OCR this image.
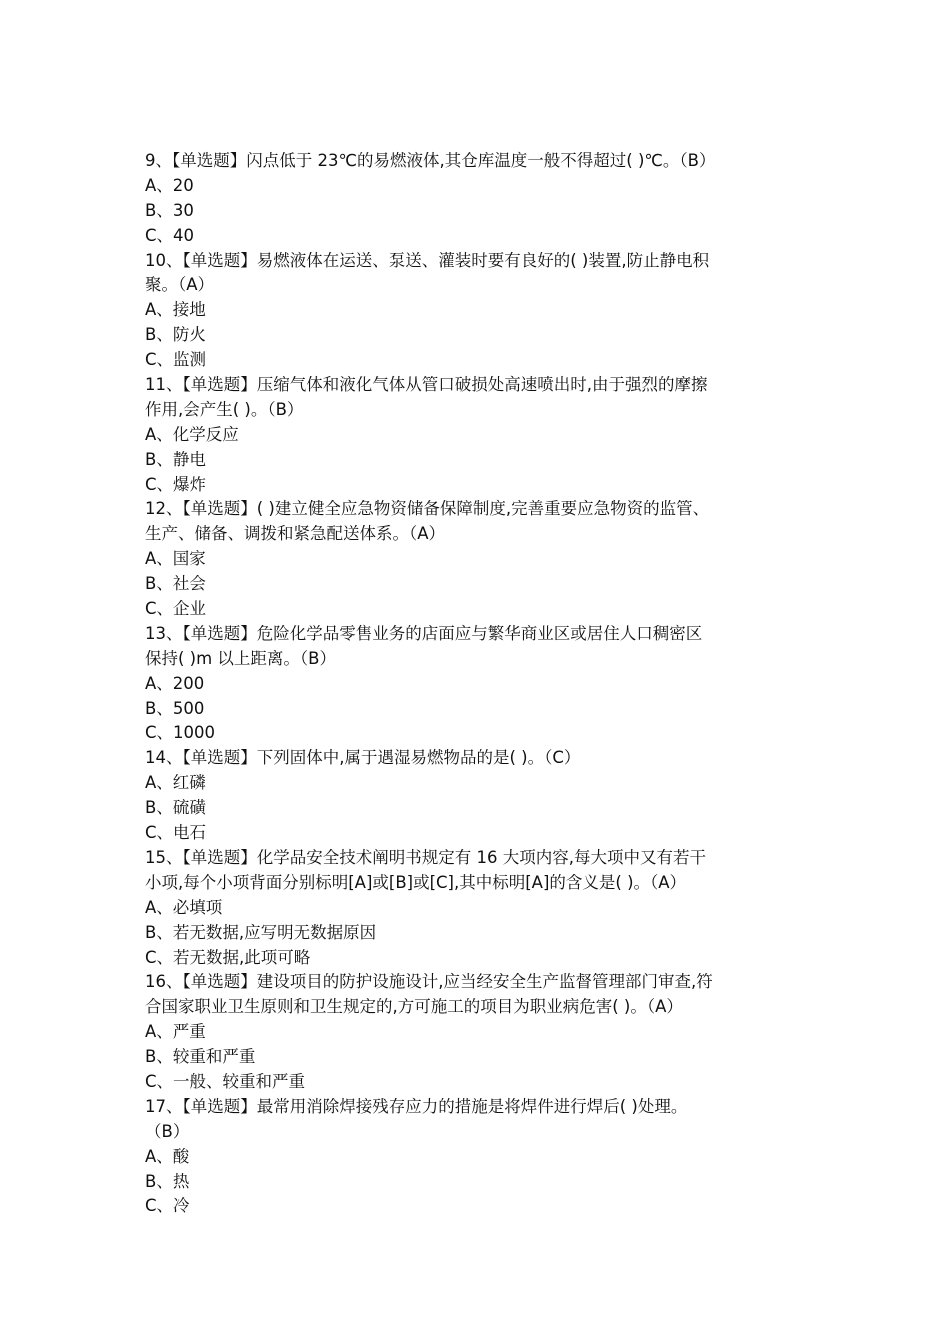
9、【单选题】闪点低于 23℃的易燃液体,其仓库温度一般不得超过( )℃。（B）
A、20
B、30
C、40
10、【单选题】易燃液体在运送、泵送、灌装时要有良好的( )装置,防止静电积
聚。（A）
A、接地
B、防火
C、监测
11、【单选题】压缩气体和液化气体从管口破损处高速喷出时,由于强烈的摩擦
作用,会产生( )。（B）
A、化学反应
B、静电
C、爆炸
12、【单选题】( )建立健全应急物资储备保障制度,完善重要应急物资的监管、
生产、储备、调拨和紧急配送体系。（A）
A、国家
B、社会
C、企业
13、【单选题】危险化学品零售业务的店面应与繁华商业区或居住人口稠密区
保持( )m 以上距离。（B）
A、200
B、500
C、1000
14、【单选题】下列固体中,属于遇湿易燃物品的是( )。（C）
A、红磷
B、硫磺
C、电石
15、【单选题】化学品安全技术阐明书规定有 16 大项内容,每大项中又有若干
小项,每个小项背面分别标明[A]或[B]或[C],其中标明[A]的含义是( )。（A）
A、必填项
B、若无数据,应写明无数据原因
C、若无数据,此项可略
16、【单选题】建设项目的防护设施设计,应当经安全生产监督管理部门审查,符
合国家职业卫生原则和卫生规定的,方可施工的项目为职业病危害( )。（A）
A、严重
B、较重和严重
C、一般、较重和严重
17、【单选题】最常用消除焊接残存应力的措施是将焊件进行焊后( )处理。
（B）
A、酸
B、热
C、冷
